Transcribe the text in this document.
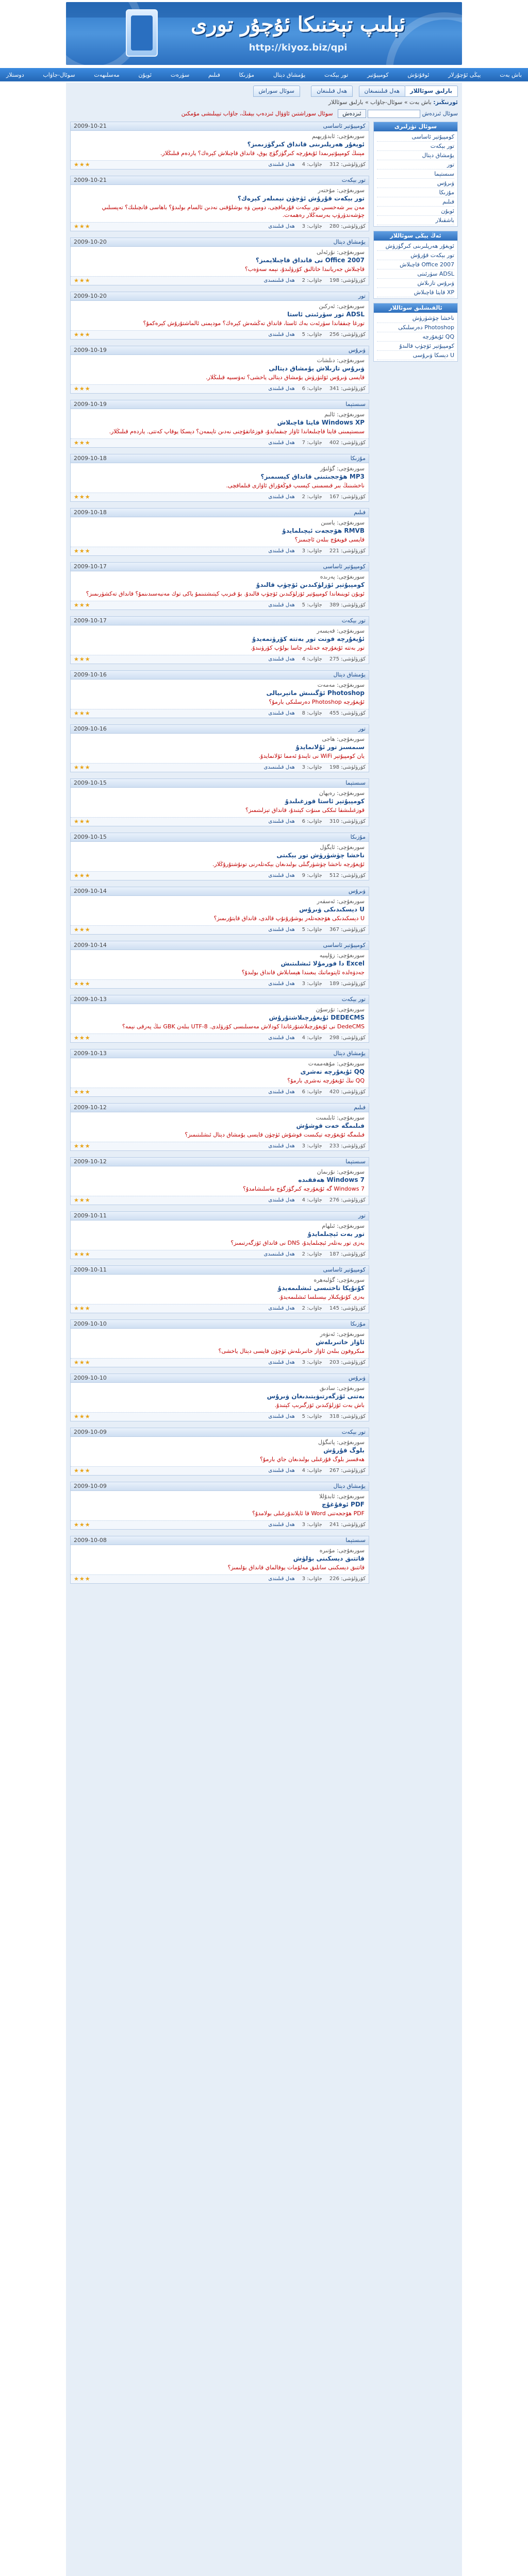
ئېلىپ تېخنىكا ئۇچۇر تورى
http://kiyoz.biz/qpi
باش بەت
يېڭى ئۇچۇرلار
ئوقۇتۇش
كومپيۇتېر
تور بېكەت
يۇمشاق دېتال
مۇزىكا
فىلىم
سۈرەت
ئويۇن
مەسلىھەت
سوئال-جاۋاب
دوستلار
بارلىق سوئاللار
ھەل قىلىنمىغان
ھەل قىلىنغان
سوئال سوراش
ئورنىڭىز: باش بەت » سوئال-جاۋاب » بارلىق سوئاللار
سوئال ئىزدەش  ئىزدەش سوئال سوراشتىن ئاۋۋال ئىزدەپ بېقىڭ، جاۋاب تېپىلىشى مۇمكىن
2009-10-21	كومپيۇتېر ئاساسى
سورىغۇچى: ئابدۇرېھىم
ئويغۇر ھەرپلىرىنى قانداق كىرگۈزىمىز؟
مېنىڭ كومپيۇتېرىمدا ئۇيغۇرچە كىرگۈزگۈچ يوق، قانداق قاچىلاش كېرەك؟ ياردەم قىلىڭلار.
★★★	كۆرۈلۈشى: 312جاۋاب: 4ھەل قىلىندى
2009-10-21	تور بېكەت
سورىغۇچى: مۇختەر
تور بېكەت قۇرۇش ئۈچۈن نېمىلەر كېرەك؟
مەن بىر شەخسىي تور بېكەت قۇرماقچى، دومېن ۋە بوشلۇقنى نەدىن ئالسام بولىدۇ؟ باھاسى قانچىلىك؟ تەپسىلىي چۈشەندۈرۈپ بەرسەڭلار رەھمەت.
★★★	كۆرۈلۈشى: 280جاۋاب: 3ھەل قىلىندى
2009-10-20	يۇمشاق دېتال
سورىغۇچى: نۇرئەلى
Office 2007 نى قانداق قاچىلايمىز؟
قاچىلاش جەريانىدا خاتالىق كۆرۈلىدۇ، نېمە سەۋەب؟
★★★	كۆرۈلۈشى: 198جاۋاب: 2ھەل قىلىنمىدى
2009-10-20	تور
سورىغۇچى: ئەركىن
ADSL تور سۈرئىتى ئاستا
تورغا چىققاندا سۈرئەت بەك ئاستا، قانداق تەڭشەش كېرەك؟ مودېمنى ئالماشتۇرۇش كېرەكمۇ؟
★★★	كۆرۈلۈشى: 256جاۋاب: 5ھەل قىلىندى
2009-10-19	ۋىرۇس
سورىغۇچى: دىلشات
ۋىرۇس تازىلاش يۇمشاق دېتالى
قايسى ۋىرۇس ئۆلتۈرۈش يۇمشاق دېتالى ياخشى؟ تەۋسىيە قىلىڭلار.
★★★	كۆرۈلۈشى: 341جاۋاب: 6ھەل قىلىندى
2009-10-19	سىستېما
سورىغۇچى: ئالىم
Windows XP قايتا قاچىلاش
سىستېمىنى قايتا قاچىلىغاندا ئاۋاز چىقمايدۇ، قوزغاتقۇچنى نەدىن تاپىمەن؟ دېسكا يوقاپ كەتتى. ياردەم قىلىڭلار.
★★★	كۆرۈلۈشى: 402جاۋاب: 7ھەل قىلىندى
2009-10-18	مۇزىكا
سورىغۇچى: گۈلنۇر
MP3 ھۆججىتىنى قانداق كېسىمىز؟
ناخشىنىڭ بىر قىسمىنى كېسىپ قوڭغۇراق ئاۋازى قىلماقچى.
★★★	كۆرۈلۈشى: 167جاۋاب: 2ھەل قىلىندى
2009-10-18	فىلىم
سورىغۇچى: ياسىن
RMVB ھۆججەت ئېچىلمايدۇ
قايسى قويغۇچ بىلەن ئاچىمىز؟
★★★	كۆرۈلۈشى: 221جاۋاب: 3ھەل قىلىندى
2009-10-17	كومپيۇتېر ئاساسى
سورىغۇچى: پەرىدە
كومپيۇتېر ئۆزلۈكىدىن ئۆچۈپ قالىدۇ
ئويۇن ئوينىغاندا كومپيۇتېر ئۆزلۈكىدىن ئۆچۈپ قالىدۇ. بۇ قىزىپ كېتىشتىنمۇ ياكى توك مەنبەسىدىنمۇ؟ قانداق تەكشۈرىمىز؟
★★★	كۆرۈلۈشى: 389جاۋاب: 5ھەل قىلىندى
2009-10-17	تور بېكەت
سورىغۇچى: قەيسەر
ئۇيغۇرچە فونت تور بەتتە كۆرۈنمەيدۇ
تور بەتتە ئۇيغۇرچە خەتلەر چاسا بولۇپ كۆرۈنىدۇ.
★★★	كۆرۈلۈشى: 275جاۋاب: 4ھەل قىلىندى
2009-10-16	يۇمشاق دېتال
سورىغۇچى: مەمەت
Photoshop ئۆگىنىش ماتېرىيالى
ئۇيغۇرچە Photoshop دەرسلىكى بارمۇ؟
★★★	كۆرۈلۈشى: 455جاۋاب: 8ھەل قىلىندى
2009-10-16	تور
سورىغۇچى: ھاجى
سىمسىز تور ئۇلانمايدۇ
يان كومپيۇتېر WiFi نى تاپىدۇ ئەمما ئۇلانمايدۇ.
★★★	كۆرۈلۈشى: 198جاۋاب: 3ھەل قىلىنمىدى
2009-10-15	سىستېما
سورىغۇچى: رەيھان
كومپيۇتېر ئاستا قوزغىلىدۇ
قوزغىلىشقا ئىككى مىنۇت كېتىدۇ، قانداق تېزلىتىمىز؟
★★★	كۆرۈلۈشى: 310جاۋاب: 6ھەل قىلىندى
2009-10-15	مۇزىكا
سورىغۇچى: ئايگۈل
ناخشا چۈشۈرۈش تور بېكىتى
ئۇيغۇرچە ناخشا چۈشۈرگىلى بولىدىغان بېكەتلەرنى تونۇشتۇرۇڭلار.
★★★	كۆرۈلۈشى: 512جاۋاب: 9ھەل قىلىندى
2009-10-14	ۋىرۇس
سورىغۇچى: ئەسقەر
U دېسكىدىكى ۋىرۇس
U دېسكىدىكى ھۆججەتلەر يوشۇرۇنۇپ قالدى، قانداق قايتۇرىمىز؟
★★★	كۆرۈلۈشى: 367جاۋاب: 5ھەل قىلىندى
2009-10-14	كومپيۇتېر ئاساسى
سورىغۇچى: زۇلپىيە
Excel دا فورمۇلا ئىشلىتىش
جەدۋەلدە ئاپتوماتىك يىغىندا ھېسابلاش قانداق بولىدۇ؟
★★★	كۆرۈلۈشى: 189جاۋاب: 3ھەل قىلىندى
2009-10-13	تور بېكەت
سورىغۇچى: تۇرسۇن
DEDECMS ئۇيغۇرچىلاشتۇرۇش
DedeCMS نى ئۇيغۇرچىلاشتۇرغاندا كودلاش مەسىلىسى كۆرۈلدى. UTF-8 بىلەن GBK نىڭ پەرقى نېمە؟
★★★	كۆرۈلۈشى: 298جاۋاب: 4ھەل قىلىندى
2009-10-13	يۇمشاق دېتال
سورىغۇچى: مۇھەممەت
QQ ئۇيغۇرچە نەشرى
QQ نىڭ ئۇيغۇرچە نەشرى بارمۇ؟
★★★	كۆرۈلۈشى: 420جاۋاب: 6ھەل قىلىندى
2009-10-12	فىلىم
سورىغۇچى: ئابلىمىت
فىلىمگە خەت قوشۇش
فىلىمگە ئۇيغۇرچە تېكىست قوشۇش ئۈچۈن قايسى يۇمشاق دېتال ئىشلىتىمىز؟
★★★	كۆرۈلۈشى: 233جاۋاب: 3ھەل قىلىندى
2009-10-12	سىستېما
سورىغۇچى: نۇرىمان
Windows 7 ھەققىدە
Windows 7 گە ئۇيغۇرچە كىرگۈزگۈچ ماسلىشامدۇ؟
★★★	كۆرۈلۈشى: 276جاۋاب: 4ھەل قىلىندى
2009-10-11	تور
سورىغۇچى: ئىلھام
تور بەت ئېچىلمايدۇ
بەزى تور بەتلەر ئېچىلمايدۇ، DNS نى قانداق ئۆزگەرتىمىز؟
★★★	كۆرۈلۈشى: 187جاۋاب: 2ھەل قىلىنمىدى
2009-10-11	كومپيۇتېر ئاساسى
سورىغۇچى: گۈلبەھرە
كۇنۇپكا تاختىسى ئىشلىمەيدۇ
بەزى كۇنۇپكىلار بېسىلسا ئىشلىمەيدۇ.
★★★	كۆرۈلۈشى: 145جاۋاب: 2ھەل قىلىندى
2009-10-10	مۇزىكا
سورىغۇچى: ئەنۋەر
ئاۋاز خاتىرىلەش
مىكروفون بىلەن ئاۋاز خاتىرىلەش ئۈچۈن قايسى دېتال ياخشى؟
★★★	كۆرۈلۈشى: 203جاۋاب: 3ھەل قىلىندى
2009-10-10	ۋىرۇس
سورىغۇچى: سادىق
بەتنى ئۆزگەرتىۋېتىدىغان ۋىرۇس
باش بەت ئۆزلۈكىدىن ئۆزگىرىپ كېتىدۇ.
★★★	كۆرۈلۈشى: 318جاۋاب: 5ھەل قىلىندى
2009-10-09	تور بېكەت
سورىغۇچى: پاتىگۈل
بلوگ قۇرۇش
ھەقسىز بلوگ قۇرغىلى بولىدىغان جاي بارمۇ؟
★★★	كۆرۈلۈشى: 267جاۋاب: 4ھەل قىلىندى
2009-10-09	يۇمشاق دېتال
سورىغۇچى: ئابدۇللا
PDF ئوقۇغۇچ
PDF ھۆججەتنى Word قا ئايلاندۇرغىلى بولامدۇ؟
★★★	كۆرۈلۈشى: 241جاۋاب: 3ھەل قىلىندى
2009-10-08	سىستېما
سورىغۇچى: مۇنىرە
قاتتىق دېسكىنى بۆلۈش
قاتتىق دېسكىنى سانلىق مەلۇمات يوقالماي قانداق بۆلىمىز؟
★★★	كۆرۈلۈشى: 226جاۋاب: 3ھەل قىلىندى
سوئال تۈرلىرى
كومپيۇتېر ئاساسى
تور بېكەت
يۇمشاق دېتال
تور
سىستېما
ۋىرۇس
مۇزىكا
فىلىم
ئويۇن
باشقىلار
ئەڭ يېڭى سوئاللار
ئويغۇر ھەرپلىرىنى كىرگۈزۈش
تور بېكەت قۇرۇش
Office 2007 قاچىلاش
ADSL سۈرئىتى
ۋىرۇس تازىلاش
XP قايتا قاچىلاش
ئالقىشلىق سوئاللار
ناخشا چۈشۈرۈش
Photoshop دەرسلىكى
QQ ئۇيغۇرچە
كومپيۇتېر ئۆچۈپ قالىدۇ
U دېسكا ۋىرۇسى
